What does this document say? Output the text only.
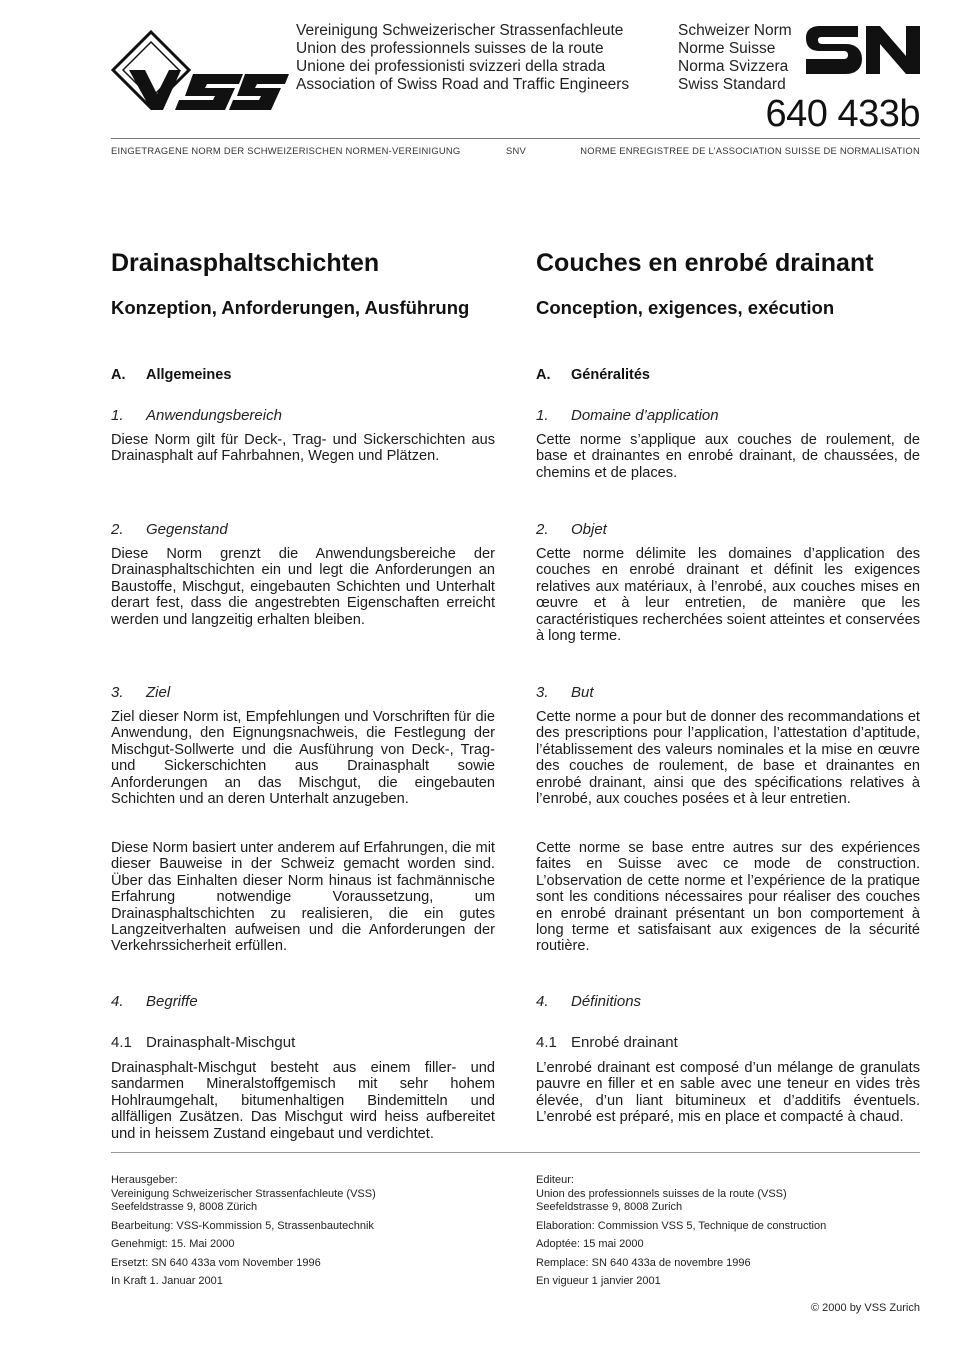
VSS
Vereinigung Schweizerischer Strassenfachleute
Union des professionnels suisses de la route
Unione dei professionisti svizzeri della strada
Association of Swiss Road and Traffic Engineers
Schweizer Norm
Norme Suisse
Norma Svizzera
Swiss Standard
SN
640 433b
EINGETRAGENE NORM DER SCHWEIZERISCHEN NORMEN-VEREINIGUNG	SNV	NORME ENREGISTREE DE L’ASSOCIATION SUISSE DE NORMALISATION
Drainasphaltschichten
Konzeption, Anforderungen, Ausführung
A. Allgemeines
1. Anwendungsbereich

Diese Norm gilt für Deck-, Trag- und Sickerschichten aus Drainasphalt auf Fahrbahnen, Wegen und Plätzen.

2. Gegenstand

Diese Norm grenzt die Anwendungsbereiche der Drainasphaltschichten ein und legt die Anforderungen an Baustoffe, Mischgut, eingebauten Schichten und Unterhalt derart fest, dass die angestrebten Eigenschaften erreicht werden und langzeitig erhalten bleiben.

3. Ziel

Ziel dieser Norm ist, Empfehlungen und Vorschriften für die Anwendung, den Eignungsnachweis, die Festlegung der Mischgut-Sollwerte und die Ausführung von Deck-, Trag- und Sickerschichten aus Drainasphalt sowie Anforderungen an das Mischgut, die eingebauten Schichten und an deren Unterhalt anzugeben.

Diese Norm basiert unter anderem auf Erfahrungen, die mit dieser Bauweise in der Schweiz gemacht worden sind. Über das Einhalten dieser Norm hinaus ist fachmännische Erfahrung notwendige Voraussetzung, um Drainasphaltschichten zu realisieren, die ein gutes Langzeitverhalten aufweisen und die Anforderungen der Verkehrssicherheit erfüllen.

4. Begriffe
4.1 Drainasphalt-Mischgut

Drainasphalt-Mischgut besteht aus einem filler- und sandarmen Mineralstoffgemisch mit sehr hohem Hohlraumgehalt, bitumenhaltigen Bindemitteln und allfälligen Zusätzen. Das Mischgut wird heiss aufbereitet und in heissem Zustand eingebaut und verdichtet.

Couches en enrobé drainant
Conception, exigences, exécution
A. Généralités
1. Domaine d’application

Cette norme s’applique aux couches de roulement, de base et drainantes en enrobé drainant, de chaussées, de chemins et de places.

2. Objet

Cette norme délimite les domaines d’application des couches en enrobé drainant et définit les exigences relatives aux matériaux, à l’enrobé, aux couches mises en œuvre et à leur entretien, de manière que les caractéristiques recherchées soient atteintes et conservées à long terme.

3. But

Cette norme a pour but de donner des recommandations et des prescriptions pour l’application, l’attestation d’aptitude, l’établissement des valeurs nominales et la mise en œuvre des couches de roulement, de base et drainantes en enrobé drainant, ainsi que des spécifications relatives à l’enrobé, aux couches posées et à leur entretien.

Cette norme se base entre autres sur des expériences faites en Suisse avec ce mode de construction. L’observation de cette norme et l’expérience de la pratique sont les conditions nécessaires pour réaliser des couches en enrobé drainant présentant un bon comportement à long terme et satisfaisant aux exigences de la sécurité routière.

4. Définitions
4.1 Enrobé drainant

L’enrobé drainant est composé d’un mélange de granulats pauvre en filler et en sable avec une teneur en vides très élevée, d’un liant bitumineux et d’additifs éventuels. L’enrobé est préparé, mis en place et compacté à chaud.

Herausgeber:

Vereinigung Schweizerischer Strassenfachleute (VSS)

Seefeldstrasse 9, 8008 Zürich

Bearbeitung: VSS-Kommission 5, Strassenbautechnik

Genehmigt: 15. Mai 2000

Ersetzt: SN 640 433a vom November 1996

In Kraft 1. Januar 2001

Editeur:

Union des professionnels suisses de la route (VSS)

Seefeldstrasse 9, 8008 Zurich

Elaboration: Commission VSS 5, Technique de construction

Adoptée: 15 mai 2000

Remplace: SN 640 433a de novembre 1996

En vigueur 1 janvier 2001

© 2000 by VSS Zurich
